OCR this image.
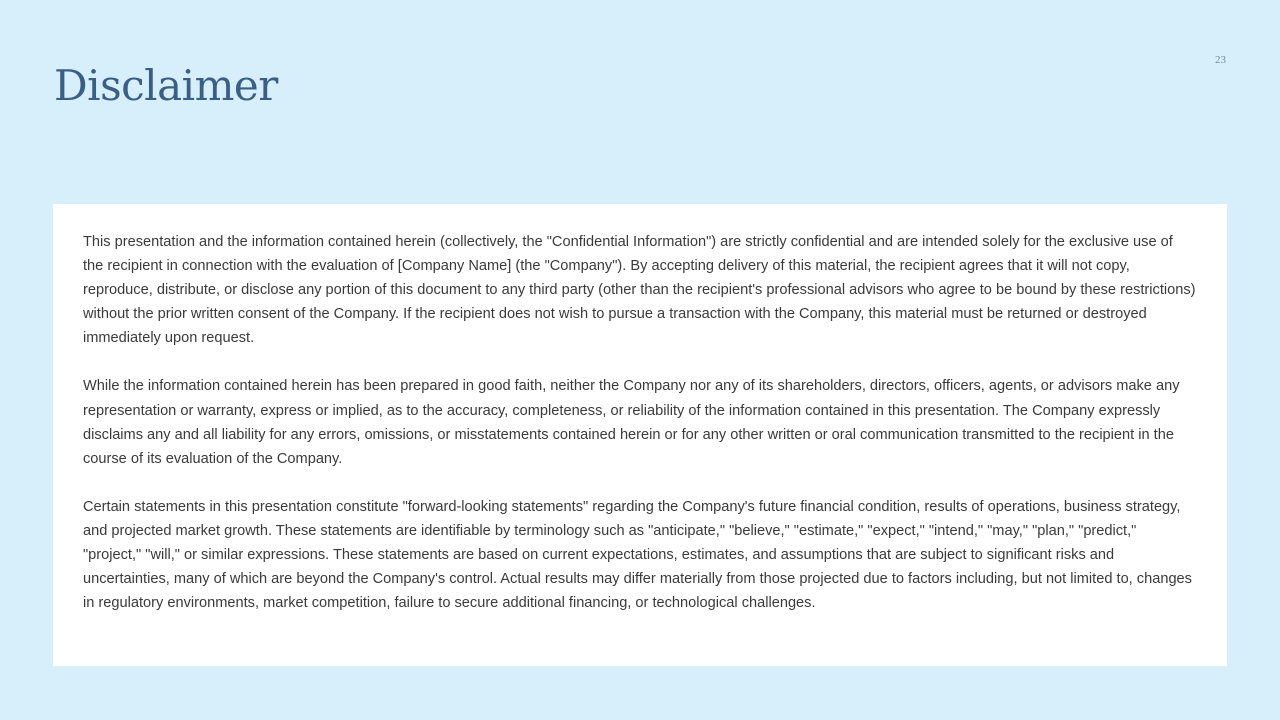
Disclaimer
23

This presentation and the information contained herein (collectively, the "Confidential Information") are strictly confidential and are intended solely for the exclusive use of the recipient in connection with the evaluation of [Company Name] (the "Company"). By accepting delivery of this material, the recipient agrees that it will not copy, reproduce, distribute, or disclose any portion of this document to any third party (other than the recipient's professional advisors who agree to be bound by these restrictions) without the prior written consent of the Company. If the recipient does not wish to pursue a transaction with the Company, this material must be returned or destroyed immediately upon request.

While the information contained herein has been prepared in good faith, neither the Company nor any of its shareholders, directors, officers, agents, or advisors make any representation or warranty, express or implied, as to the accuracy, completeness, or reliability of the information contained in this presentation. The Company expressly disclaims any and all liability for any errors, omissions, or misstatements contained herein or for any other written or oral communication transmitted to the recipient in the course of its evaluation of the Company.

Certain statements in this presentation constitute "forward-looking statements" regarding the Company's future financial condition, results of operations, business strategy, and projected market growth. These statements are identifiable by terminology such as "anticipate," "believe," "estimate," "expect," "intend," "may," "plan," "predict," "project," "will," or similar expressions. These statements are based on current expectations, estimates, and assumptions that are subject to significant risks and uncertainties, many of which are beyond the Company's control. Actual results may differ materially from those projected due to factors including, but not limited to, changes in regulatory environments, market competition, failure to secure additional financing, or technological challenges.
